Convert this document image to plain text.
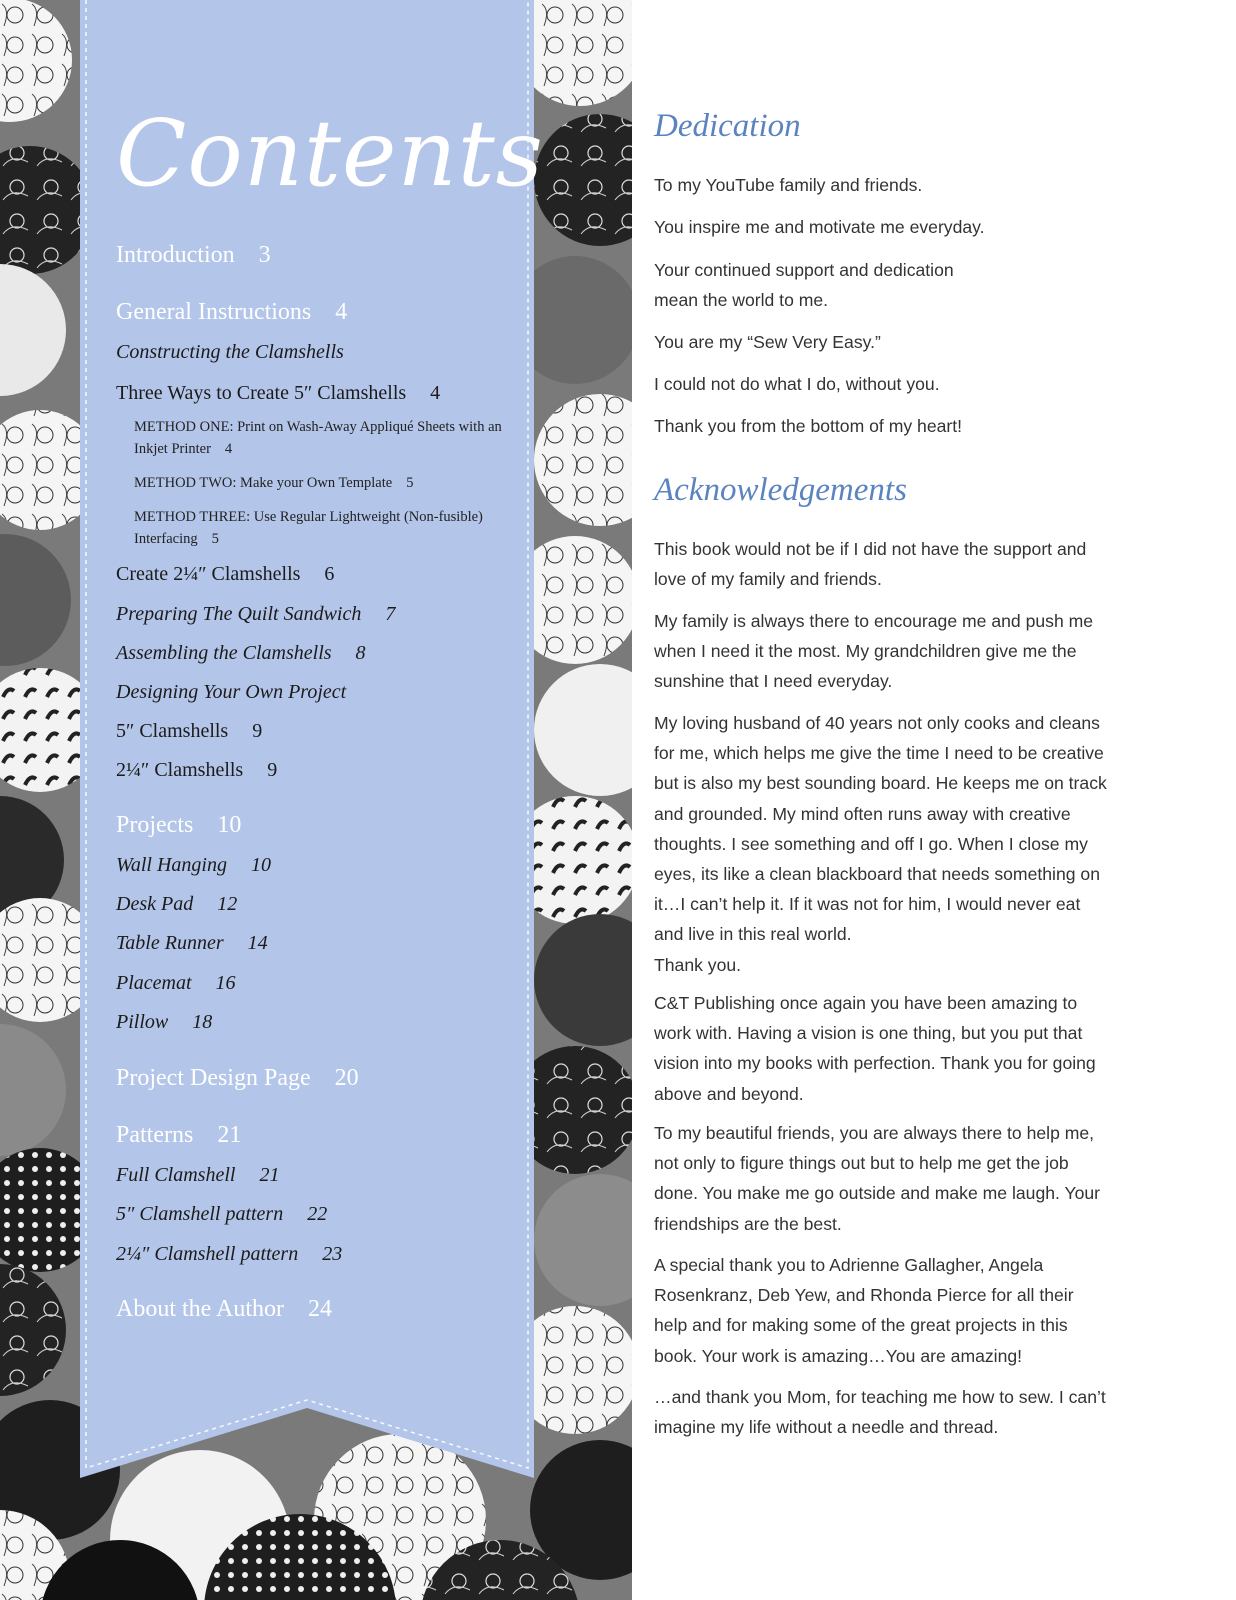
Contents
Introduction 3
General Instructions 4
Constructing the Clamshells
Three Ways to Create 5″ Clamshells 4
METHOD ONE: Print on Wash-Away Appliqué Sheets with an Inkjet Printer 4
METHOD TWO: Make your Own Template 5
METHOD THREE: Use Regular Lightweight (Non-fusible) Interfacing 5
Create 2¼″ Clamshells 6
Preparing The Quilt Sandwich 7
Assembling the Clamshells 8
Designing Your Own Project
5″ Clamshells 9
2¼″ Clamshells 9
Projects 10
Wall Hanging 10
Desk Pad 12
Table Runner 14
Placemat 16
Pillow 18
Project Design Page 20
Patterns 21
Full Clamshell 21
5″ Clamshell pattern 22
2¼″ Clamshell pattern 23
About the Author 24
Dedication

To my YouTube family and friends.

You inspire me and motivate me everyday.

Your continued support and dedication
mean the world to me.

You are my “Sew Very Easy.”

I could not do what I do, without you.

Thank you from the bottom of my heart!

Acknowledgements

This book would not be if I did not have the support and love of my family and friends.

My family is always there to encourage me and push me when I need it the most. My grandchildren give me the sunshine that I need everyday.

My loving husband of 40 years not only cooks and cleans for me, which helps me give the time I need to be creative but is also my best sounding board. He keeps me on track and grounded. My mind often runs away with creative thoughts. I see something and off I go. When I close my eyes, its like a clean blackboard that needs something on it…I can’t help it. If it was not for him, I would never eat and live in this real world.
Thank you.

C&T Publishing once again you have been amazing to work with. Having a vision is one thing, but you put that vision into my books with perfection. Thank you for going above and beyond.

To my beautiful friends, you are always there to help me, not only to figure things out but to help me get the job done. You make me go outside and make me laugh. Your friendships are the best.

A special thank you to Adrienne Gallagher, Angela Rosenkranz, Deb Yew, and Rhonda Pierce for all their help and for making some of the great projects in this book. Your work is amazing…You are amazing!

…and thank you Mom, for teaching me how to sew. I can’t imagine my life without a needle and thread.
